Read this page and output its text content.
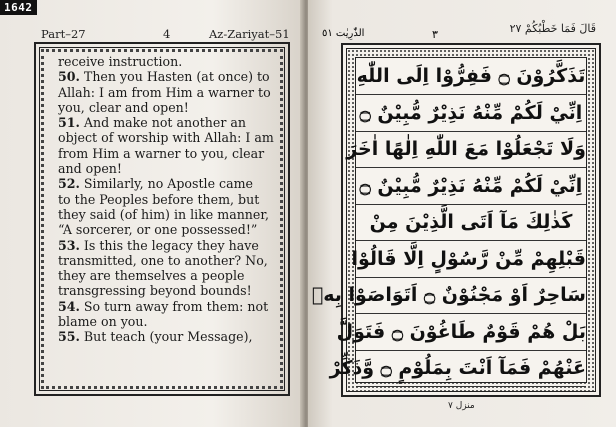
Part–27	4	Az-Zariyat–51
receive instruction.
50. Then you Hasten (at once) to
Allah: I am from Him a warner to
you, clear and open!
51. And make not another an
object of worship with Allah: I am
from Him a warner to you, clear
and open!
52. Similarly, no Apostle came
to the Peoples before them, but
they said (of him) in like manner,
“A sorcerer, or one possessed!”
53. Is this the legacy they have
transmitted, one to another? No,
they are themselves a people
transgressing beyond bounds!
54. So turn away from them: not
blame on you.
55. But teach (your Message),
قَالَ فَمَا خَطْبُكُمْ ٢٧
٣
الذّٰرِيٰت ٥١
تَذَكَّرُوْنَ ۝ فَفِرُّوْا اِلَى اللّٰهِ
اِنِّيْ لَكُمْ مِّنْهُ نَذِيْرٌ مُّبِيْنٌ ۝
وَلَا تَجْعَلُوْا مَعَ اللّٰهِ اِلٰهًا اٰخَرَ
اِنِّيْ لَكُمْ مِّنْهُ نَذِيْرٌ مُّبِيْنٌ ۝
كَذٰلِكَ مَآ اَتَى الَّذِيْنَ مِنْ
قَبْلِهِمْ مِّنْ رَّسُوْلٍ اِلَّا قَالُوْا
سَاحِرٌ اَوْ مَجْنُوْنٌ ۝ اَتَوَاصَوْا بِهٖ
بَلْ هُمْ قَوْمٌ طَاغُوْنَ ۝ فَتَوَلَّ
عَنْهُمْ فَمَآ اَنْتَ بِمَلُوْمٍ ۝ وَّذَكِّرْ
منزل ٧
1642
